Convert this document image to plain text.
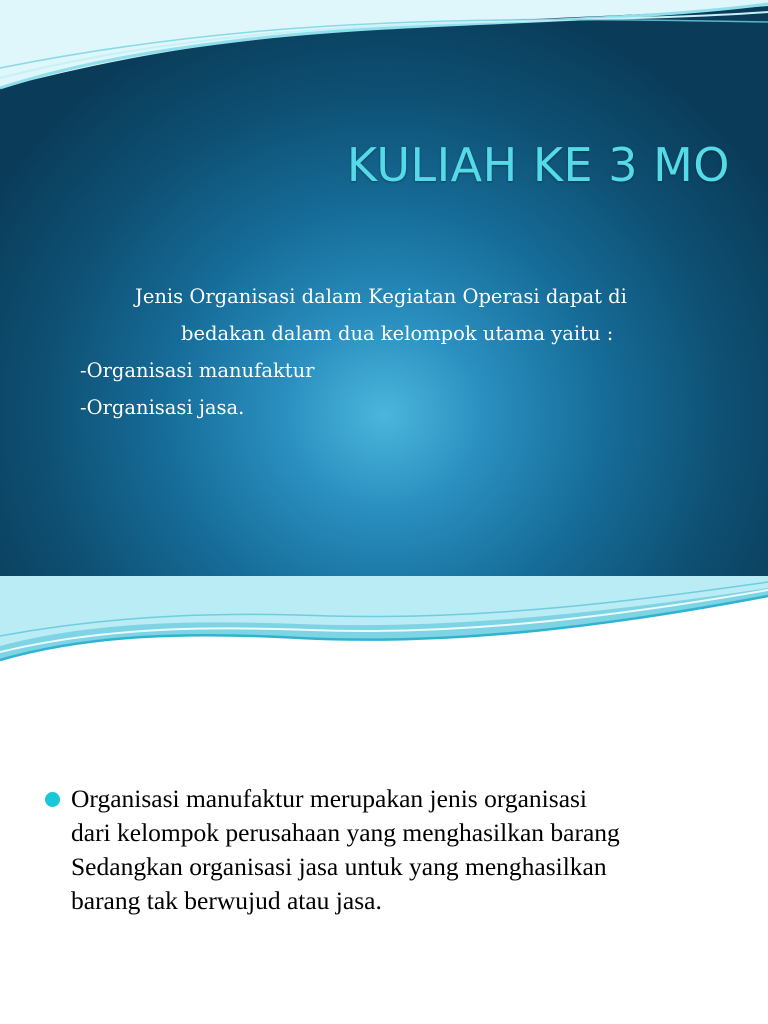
KULIAH KE 3 MO

Jenis Organisasi dalam Kegiatan Operasi dapat di
bedakan dalam dua kelompok utama yaitu :

-Organisasi manufaktur

-Organisasi jasa.

Organisasi manufaktur merupakan jenis organisasi
dari kelompok perusahaan yang menghasilkan barang
Sedangkan organisasi jasa untuk yang menghasilkan
barang tak berwujud atau jasa.
